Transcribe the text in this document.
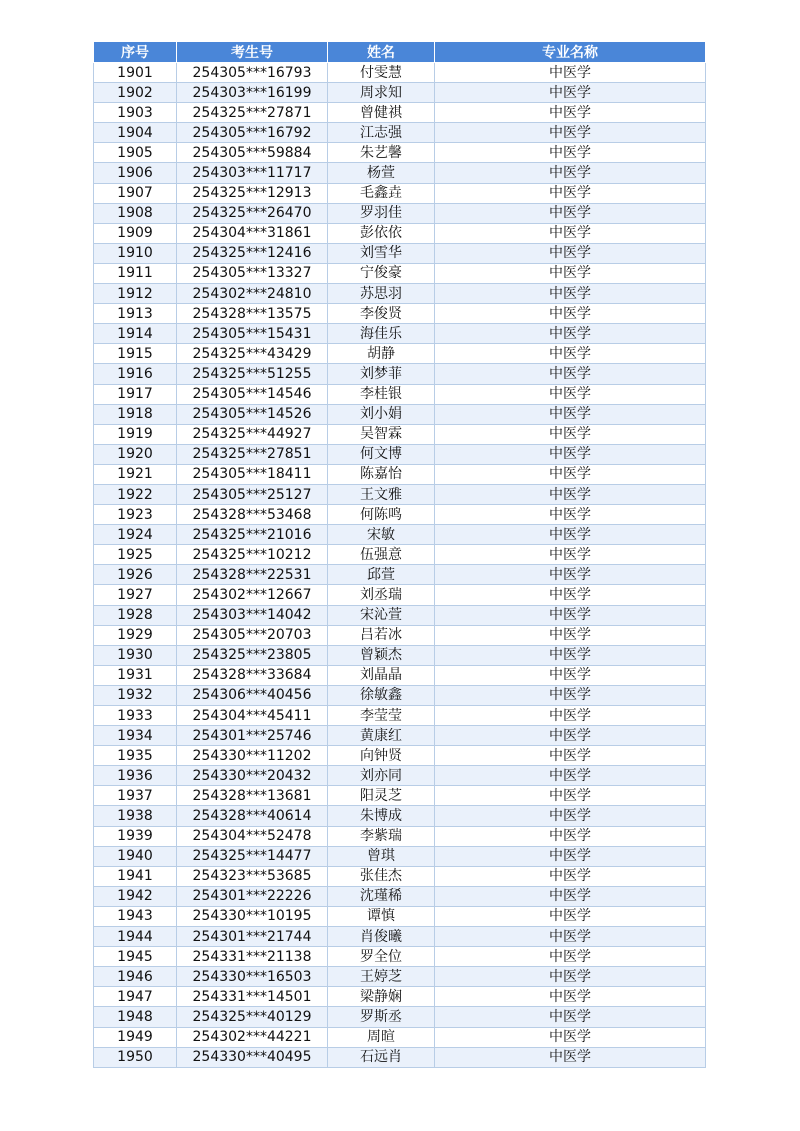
序号	考生号	姓名	专业名称
1901	254305***16793	付雯慧	中医学
1902	254303***16199	周求知	中医学
1903	254325***27871	曾健祺	中医学
1904	254305***16792	江志强	中医学
1905	254305***59884	朱艺馨	中医学
1906	254303***11717	杨萱	中医学
1907	254325***12913	毛鑫垚	中医学
1908	254325***26470	罗羽佳	中医学
1909	254304***31861	彭依依	中医学
1910	254325***12416	刘雪华	中医学
1911	254305***13327	宁俊豪	中医学
1912	254302***24810	苏思羽	中医学
1913	254328***13575	李俊贤	中医学
1914	254305***15431	海佳乐	中医学
1915	254325***43429	胡静	中医学
1916	254325***51255	刘梦菲	中医学
1917	254305***14546	李桂银	中医学
1918	254305***14526	刘小娟	中医学
1919	254325***44927	吴智霖	中医学
1920	254325***27851	何文博	中医学
1921	254305***18411	陈嘉怡	中医学
1922	254305***25127	王文雅	中医学
1923	254328***53468	何陈鸣	中医学
1924	254325***21016	宋敏	中医学
1925	254325***10212	伍强意	中医学
1926	254328***22531	邱萱	中医学
1927	254302***12667	刘丞瑞	中医学
1928	254303***14042	宋沁萱	中医学
1929	254305***20703	吕若冰	中医学
1930	254325***23805	曾颖杰	中医学
1931	254328***33684	刘晶晶	中医学
1932	254306***40456	徐敏鑫	中医学
1933	254304***45411	李莹莹	中医学
1934	254301***25746	黄康红	中医学
1935	254330***11202	向钟贤	中医学
1936	254330***20432	刘亦同	中医学
1937	254328***13681	阳灵芝	中医学
1938	254328***40614	朱博成	中医学
1939	254304***52478	李紫瑞	中医学
1940	254325***14477	曾琪	中医学
1941	254323***53685	张佳杰	中医学
1942	254301***22226	沈瑾稀	中医学
1943	254330***10195	谭慎	中医学
1944	254301***21744	肖俊曦	中医学
1945	254331***21138	罗全位	中医学
1946	254330***16503	王婷芝	中医学
1947	254331***14501	梁静娴	中医学
1948	254325***40129	罗斯丞	中医学
1949	254302***44221	周暄	中医学
1950	254330***40495	石远肖	中医学
